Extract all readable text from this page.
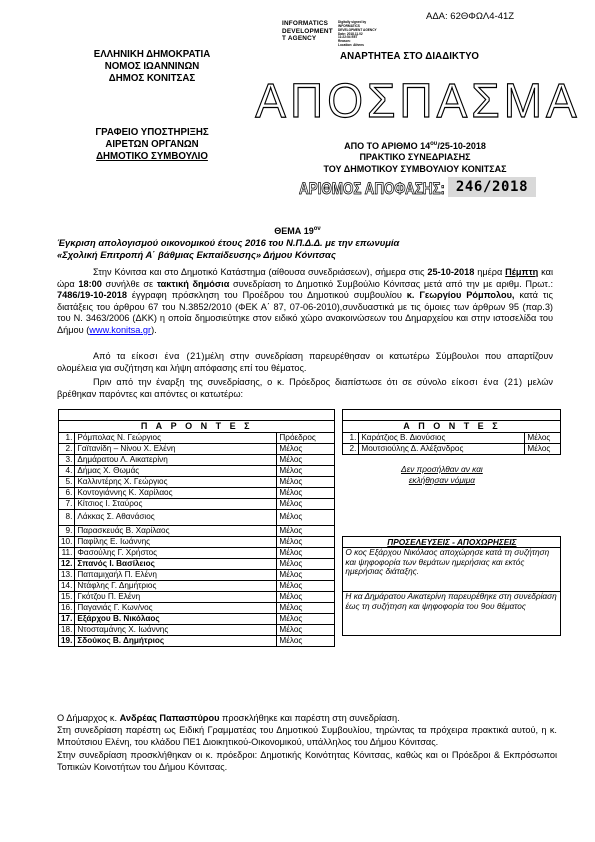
ΑΔΑ: 62ΘΦΩΛ4-41Ζ
INFORMATICS
DEVELOPMENT
T AGENCY
Digitally signed by
INFORMATICS
DEVELOPMENT AGENCY
Date: 2018.11.02
11:22:54 EET
Reason:
Location: Athens
ΑΝΑΡΤΗΤΕΑ ΣΤΟ ΔΙΑΔΙΚΤΥΟ
ΕΛΛΗΝΙΚΗ ΔΗΜΟΚΡΑΤΙΑ
ΝΟΜΟΣ ΙΩΑΝΝΙΝΩΝ
ΔΗΜΟΣ ΚΟΝΙΤΣΑΣ
ΓΡΑΦΕΙΟ ΥΠΟΣΤΗΡΙΞΗΣ
ΑΙΡΕΤΩΝ ΟΡΓΑΝΩΝ
ΔΗΜΟΤΙΚΟ ΣΥΜΒΟΥΛΙΟ
ΑΠΟΣΠΑΣΜΑ
ΑΠΟ ΤΟ ΑΡΙΘΜΟ $14^{o\upsilon}/25-10-2018$
ΠΡΑΚΤΙΚΟ ΣΥΝΕΔΡΙΑΣΗΣ
ΤΟΥ ΔΗΜΟΤΙΚΟΥ ΣΥΜΒΟΥΛΙΟΥ ΚΟΝΙΤΣΑΣ
ΑΡΙΘΜΟΣ ΑΠΟΦΑΣΗΣ: 246/2018
ΘΕΜΑ $19^{o\nu}$
Έγκριση απολογισμού οικονομικού έτους 2016 του Ν.Π.Δ.Δ. με την επωνυμία
«Σχολική Επιτροπή Α΄ βάθμιας Εκπαίδευσης» Δήμου Κόνιτσας
Στην Κόνιτσα και στο Δημοτικό Κατάστημα (αίθουσα συνεδριάσεων), σήμερα στις 25-10-2018 ημέρα Πέμπτη και ώρα 18:00 συνήλθε σε τακτική δημόσια συνεδρίαση το Δημοτικό Συμβούλιο Κόνιτσας μετά από την με αριθμ. Πρωτ.: 7486/19-10-2018 έγγραφη πρόσκληση του Προέδρου του Δημοτικού συμβουλίου κ. Γεωργίου Ρόμπολου, κατά τις διατάξεις του άρθρου 67 του Ν.3852/2010 (ΦΕΚ Α΄ 87, 07-06-2010),συνδυαστικά με τις όμοιες των άρθρων 95 (παρ.3) του Ν. 3463/2006 (ΔΚΚ) η οποία δημοσιεύτηκε στον ειδικό χώρο ανακοινώσεων του Δημαρχείου και στην ιστοσελίδα του Δήμου (www.konitsa.gr).
Από τα είκοσι ένα (21)μέλη στην συνεδρίαση παρευρέθησαν οι κατωτέρω Σύμβουλοι που απαρτίζουν ολομέλεια για συζήτηση και λήψη απόφασης επί του θέματος.
Πριν από την έναρξη της συνεδρίασης, ο κ. Πρόεδρος διαπίστωσε ότι σε σύνολο είκοσι ένα (21) μελών βρέθηκαν παρόντες και απόντες οι κατωτέρω:

Π Α Ρ Ο Ν Τ Ε Σ				Α Π Ο Ν Τ Ε Σ		
1.	Ρόμπολας Ν. Γεώργιος	Πρόεδρος		1.	Καράτζιος Β. Διονύσιος	Μέλος
2.	Γαϊτανίδη – Νίνου Χ. Ελένη	Μέλος		2.	Μουτσιούλης Δ. Αλέξανδρος	Μέλος
3.	Δημάρατου Λ. Αικατερίνη	Μέλος				
4.	Δήμας Χ. Θωμάς	Μέλος			Δεν προσήλθαν αν και	
5.	Καλλιντέρης Χ. Γεώργιος	Μέλος			εκλήθησαν νόμιμα	
6.	Κοντογιάννης Κ. Χαρίλαος	Μέλος				
7.	Κίτσιος Ι. Σταύρος	Μέλος				
8.	Λάκκας Σ. Αθανάσιος	Μέλος				
9.	Παρασκευάς Β. Χαρίλαος	Μέλος				
10.	Παφίλης Ε. Ιωάννης	Μέλος		ΠΡΟΣΕΛΕΥΣΕΙΣ - ΑΠΟΧΩΡΗΣΕΙΣ		
11.	Φασούλης Γ. Χρήστος	Μέλος		Ο κος Εξάρχου Νικόλαος αποχώρησε κατά τη συζήτηση και ψηφοφορία των θεμάτων ημερήσιας και εκτός ημερήσιας διάταξης.		
12.	Σπανός Ι. Βασίλειος	Μέλος				
13.	Παπαμιχαήλ Π. Ελένη	Μέλος				
14.	Ντάφλης Γ. Δημήτριος	Μέλος				
15.	Γκότζου Π. Ελένη	Μέλος		Η κα Δημάρατου Αικατερίνη παρευρέθηκε στη συνεδρίαση έως τη συζήτηση και ψηφοφορία του 9ου θέματος		
16.	Παγανιάς Γ. Κων/νος	Μέλος				
17.	Εξάρχου Β. Νικόλαος	Μέλος				
18.	Ντοσταμάνης Χ. Ιωάννης	Μέλος				
19.	Σδούκος Β. Δημήτριος	Μέλος				
Ο Δήμαρχος κ. Ανδρέας Παπασπύρου προσκλήθηκε και παρέστη στη συνεδρίαση.
Στη συνεδρίαση παρέστη ως Ειδική Γραμματέας του Δημοτικού Συμβουλίου, τηρώντας τα πρόχειρα πρακτικά αυτού, η κ. Μπούτσιου Ελένη, του κλάδου ΠΕ1 Διοικητικού-Οικονομικού, υπάλληλος του Δήμου Κόνιτσας.
Στην συνεδρίαση προσκλήθηκαν οι κ. πρόεδροι: Δημοτικής Κοινότητας Κόνιτσας, καθώς και οι Πρόεδροι & Εκπρόσωποι Τοπικών Κοινοτήτων του Δήμου Κόνιτσας.
